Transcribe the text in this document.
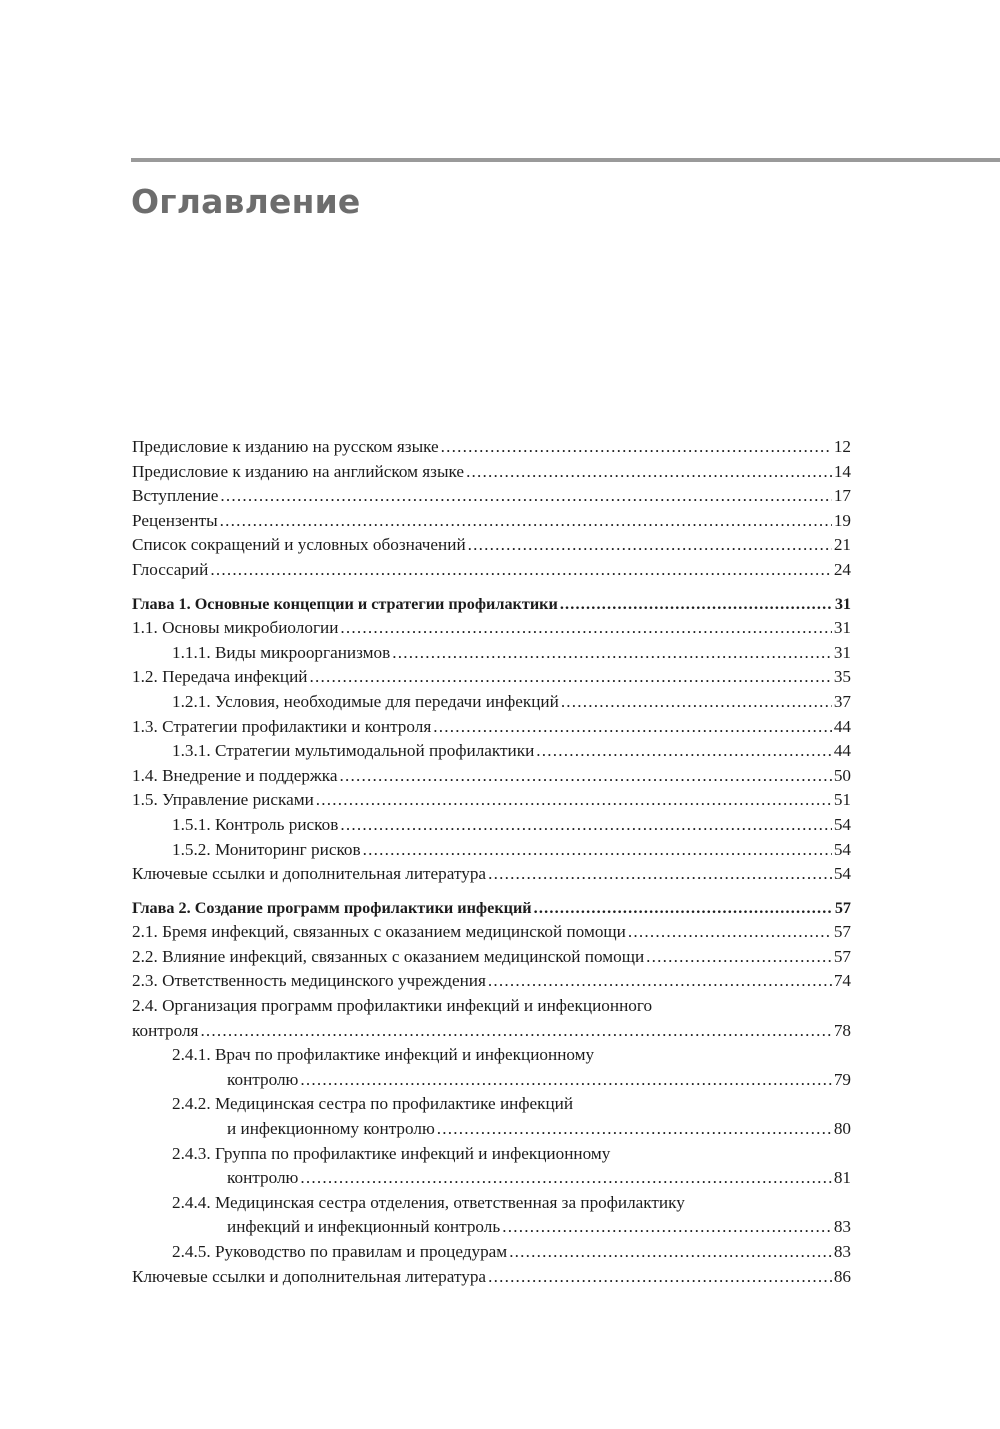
Оглавление
Предисловие к изданию на русском языке .....	12
Предисловие к изданию на английском языке .....	14
Вступление .....	17
Рецензенты .....	19
Список сокращений и условных обозначений .....	21
Глоссарий .....	24
Глава 1. Основные концепции и стратегии профилактики .....	31
1.1. Основы микробиологии .....	31
1.1.1. Виды микроорганизмов .....	31
1.2. Передача инфекций .....	35
1.2.1. Условия, необходимые для передачи инфекций .....	37
1.3. Стратегии профилактики и контроля .....	44
1.3.1. Стратегии мультимодальной профилактики .....	44
1.4. Внедрение и поддержка .....	50
1.5. Управление рисками .....	51
1.5.1. Контроль рисков .....	54
1.5.2. Мониторинг рисков .....	54
Ключевые ссылки и дополнительная литература .....	54
Глава 2. Создание программ профилактики инфекций .....	57
2.1. Бремя инфекций, связанных с оказанием медицинской помощи .....	57
2.2. Влияние инфекций, связанных с оказанием медицинской помощи .....	57
2.3. Ответственность медицинского учреждения .....	74
2.4. Организация программ профилактики инфекций и инфекционного
контроля .....	78
2.4.1. Врач по профилактике инфекций и инфекционному
контролю .....	79
2.4.2. Медицинская сестра по профилактике инфекций
и инфекционному контролю .....	80
2.4.3. Группа по профилактике инфекций и инфекционному
контролю .....	81
2.4.4. Медицинская сестра отделения, ответственная за профилактику
инфекций и инфекционный контроль .....	83
2.4.5. Руководство по правилам и процедурам .....	83
Ключевые ссылки и дополнительная литература .....	86
